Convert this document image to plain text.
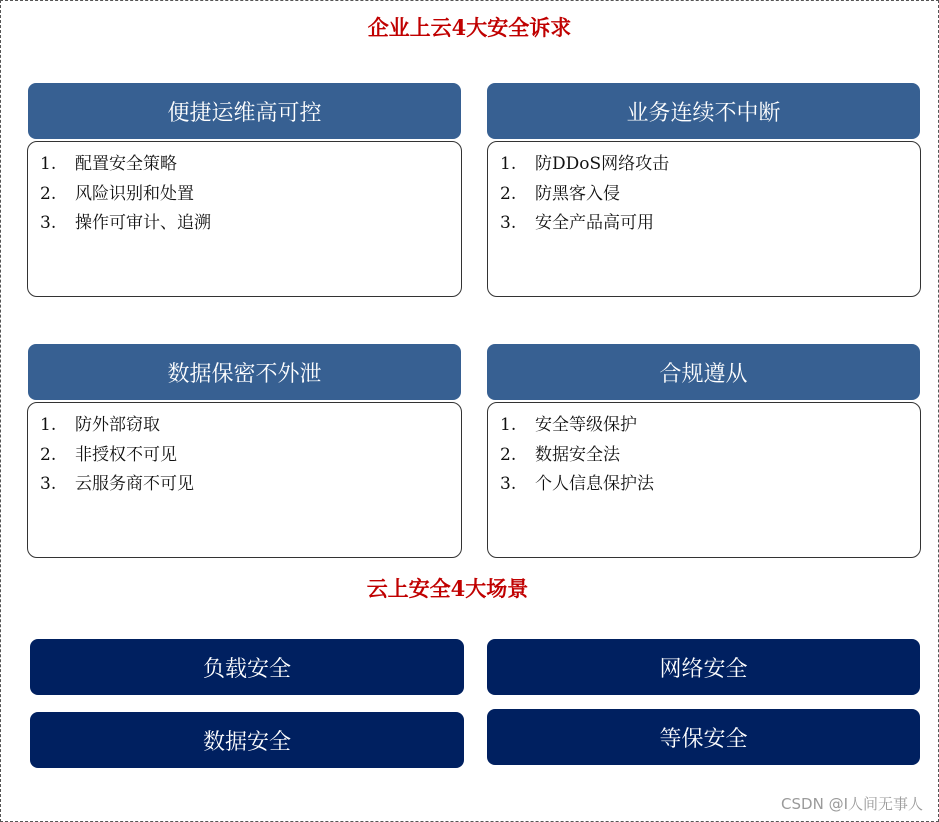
企业上云4大安全诉求
便捷运维高可控
1.	配置安全策略
2.	风险识别和处置
3.	操作可审计、追溯
业务连续不中断
1.	防DDoS网络攻击
2.	防黑客入侵
3.	安全产品高可用
数据保密不外泄
1.	防外部窃取
2.	非授权不可见
3.	云服务商不可见
合规遵从
1.	安全等级保护
2.	数据安全法
3.	个人信息保护法
云上安全4大场景
负载安全	网络安全
数据安全	等保安全
CSDN @I人间无事人
